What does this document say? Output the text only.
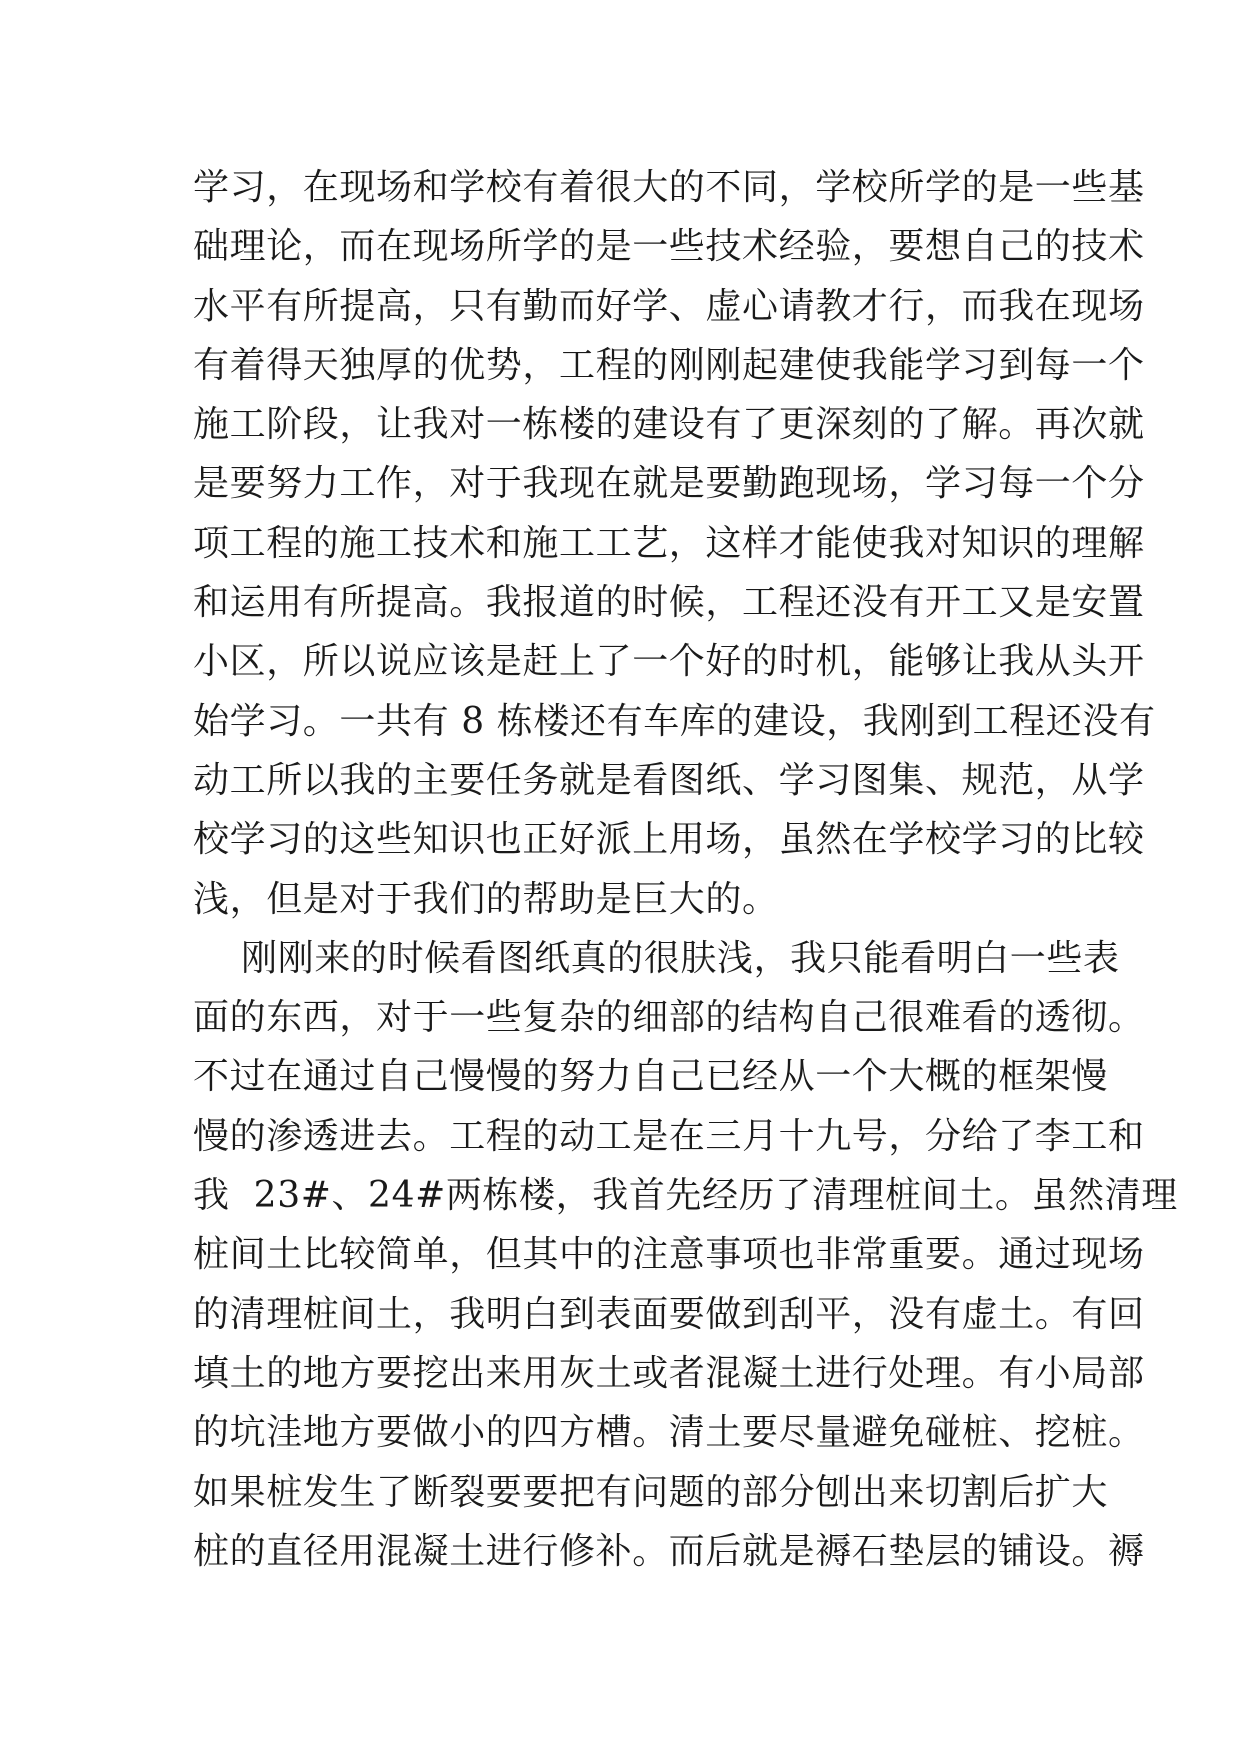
学习，在现场和学校有着很大的不同，学校所学的是一些基
础理论，而在现场所学的是一些技术经验，要想自己的技术
水平有所提高，只有勤而好学、虚心请教才行，而我在现场
有着得天独厚的优势，工程的刚刚起建使我能学习到每一个
施工阶段，让我对一栋楼的建设有了更深刻的了解。再次就
是要努力工作，对于我现在就是要勤跑现场，学习每一个分
项工程的施工技术和施工工艺，这样才能使我对知识的理解
和运用有所提高。我报道的时候，工程还没有开工又是安置
小区，所以说应该是赶上了一个好的时机，能够让我从头开
始学习。一共有 8 栋楼还有车库的建设，我刚到工程还没有
动工所以我的主要任务就是看图纸、学习图集、规范，从学
校学习的这些知识也正好派上用场，虽然在学校学习的比较
浅，但是对于我们的帮助是巨大的。
刚刚来的时候看图纸真的很肤浅，我只能看明白一些表
面的东西，对于一些复杂的细部的结构自己很难看的透彻。
不过在通过自己慢慢的努力自己已经从一个大概的框架慢
慢的渗透进去。工程的动工是在三月十九号，分给了李工和
我  23#、24#两栋楼，我首先经历了清理桩间土。虽然清理
桩间土比较简单，但其中的注意事项也非常重要。通过现场
的清理桩间土，我明白到表面要做到刮平，没有虚土。有回
填土的地方要挖出来用灰土或者混凝土进行处理。有小局部
的坑洼地方要做小的四方槽。清土要尽量避免碰桩、挖桩。
如果桩发生了断裂要要把有问题的部分刨出来切割后扩大
桩的直径用混凝土进行修补。而后就是褥石垫层的铺设。褥
